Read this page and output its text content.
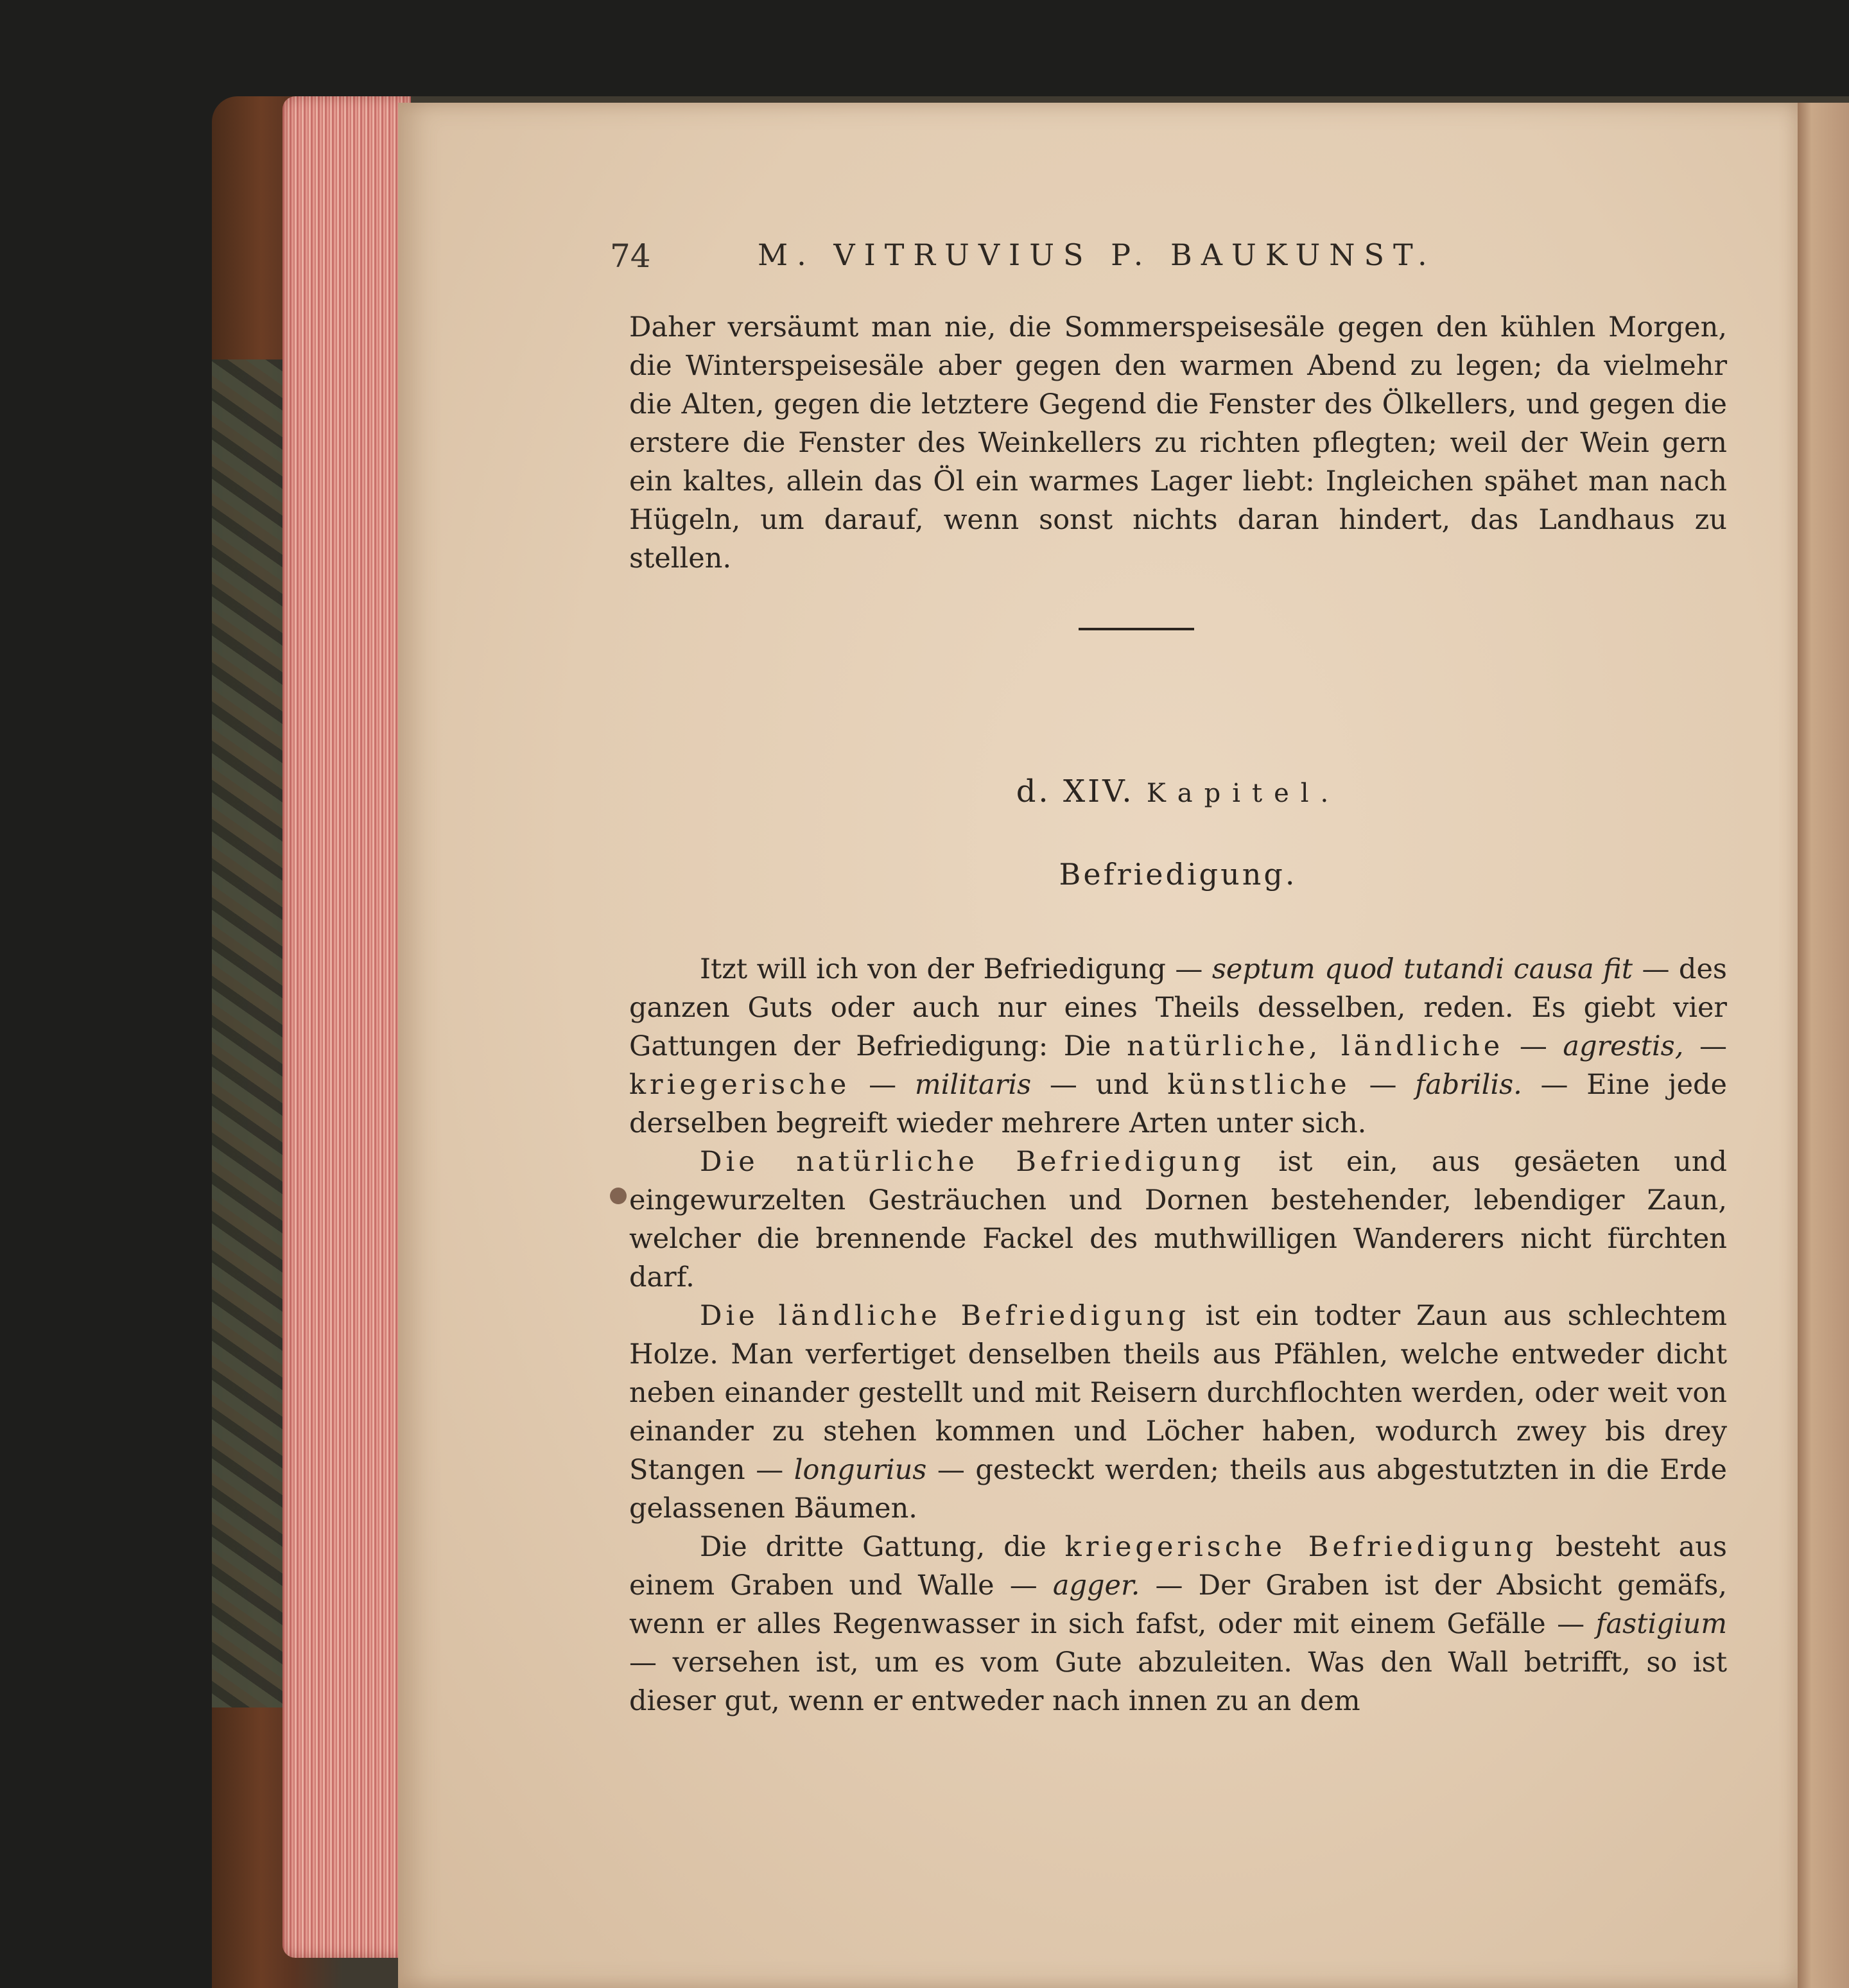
74	M. VITRUVIUS P. BAUKUNST.

Daher versäumt man nie, die Sommerspeisesäle gegen den kühlen Morgen, die Winterspeisesäle aber gegen den warmen Abend zu legen; da vielmehr die Alten, gegen die letztere Gegend die Fenster des Ölkellers, und gegen die erstere die Fenster des Weinkellers zu richten pflegten; weil der Wein gern ein kaltes, allein das Öl ein warmes Lager liebt: Ingleichen spähet man nach Hügeln, um darauf, wenn sonst nichts daran hindert, das Landhaus zu stellen.

d. XIV. Kapitel.
Befriedigung.

Itzt will ich von der Befriedigung — septum quod tutandi causa fit — des ganzen Guts oder auch nur eines Theils desselben, reden. Es giebt vier Gattungen der Befriedigung: Die natürliche, ländliche — agrestis, — kriegerische — militaris — und künstliche — fabrilis. — Eine jede derselben begreift wieder mehrere Arten unter sich.

Die natürliche Befriedigung ist ein, aus gesäeten und eingewurzelten Gesträuchen und Dornen bestehender, lebendiger Zaun, welcher die brennende Fackel des muthwilligen Wanderers nicht fürchten darf.

Die ländliche Befriedigung ist ein todter Zaun aus schlechtem Holze. Man verfertiget denselben theils aus Pfählen, welche entweder dicht neben einander gestellt und mit Reisern durchflochten werden, oder weit von einander zu stehen kommen und Löcher haben, wodurch zwey bis drey Stangen — longurius — gesteckt werden; theils aus abgestutzten in die Erde gelassenen Bäumen.

Die dritte Gattung, die kriegerische Befriedigung besteht aus einem Graben und Walle — agger. — Der Graben ist der Absicht gemäfs, wenn er alles Regenwasser in sich fafst, oder mit einem Gefälle — fastigium — versehen ist, um es vom Gute abzuleiten. Was den Wall betrifft, so ist dieser gut, wenn er entweder nach innen zu an dem
